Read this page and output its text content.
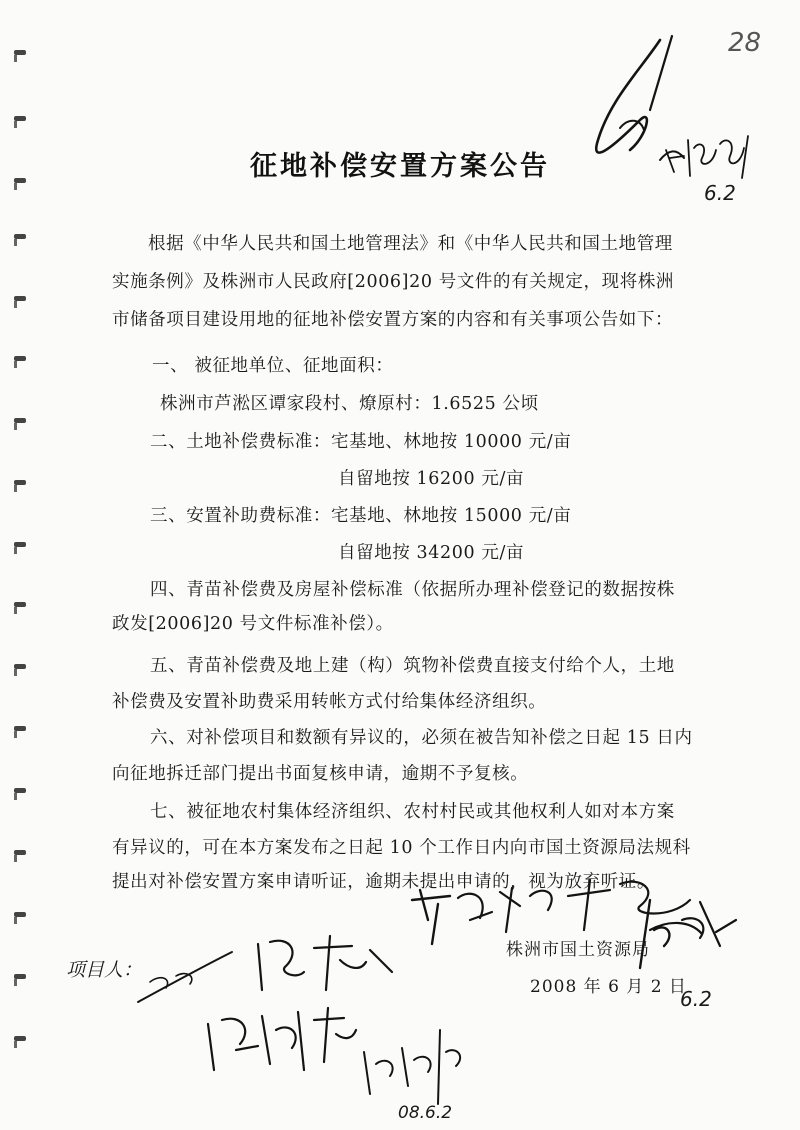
28
征地补偿安置方案公告
根据《中华人民共和国土地管理法》和《中华人民共和国土地管理
实施条例》及株洲市人民政府[2006]20 号文件的有关规定，现将株洲
市储备项目建设用地的征地补偿安置方案的内容和有关事项公告如下：
一、 被征地单位、征地面积：
株洲市芦淞区谭家段村、燎原村：1.6525 公顷
二、土地补偿费标准：宅基地、林地按 10000 元/亩
自留地按 16200 元/亩
三、安置补助费标准：宅基地、林地按 15000 元/亩
自留地按 34200 元/亩
四、青苗补偿费及房屋补偿标准（依据所办理补偿登记的数据按株
政发[2006]20 号文件标准补偿）。
五、青苗补偿费及地上建（构）筑物补偿费直接支付给个人，土地
补偿费及安置补助费采用转帐方式付给集体经济组织。
六、对补偿项目和数额有异议的，必须在被告知补偿之日起 15 日内
向征地拆迁部门提出书面复核申请，逾期不予复核。
七、被征地农村集体经济组织、农村村民或其他权利人如对本方案
有异议的，可在本方案发布之日起 10 个工作日内向市国土资源局法规科
提出对补偿安置方案申请听证，逾期未提出申请的，视为放弃听证。
株洲市国土资源局
2008 年 6 月 2 日
6.2
项目人：
08.6.2
6.2
